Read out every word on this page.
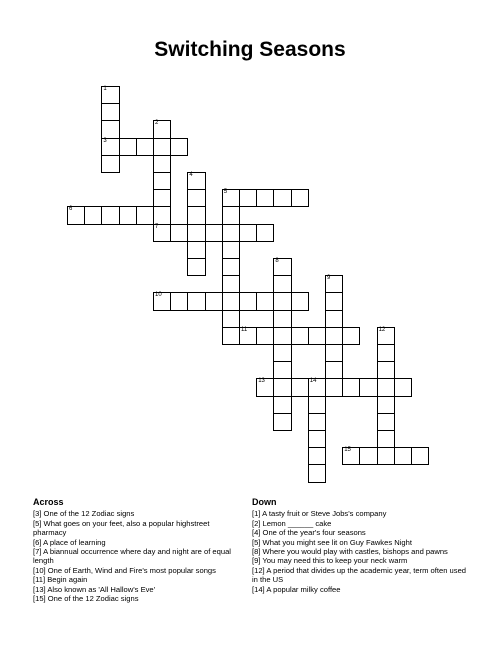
Switching Seasons
1
3
2
4
5
6
7
8
9
10
11	12
13	14
15
Across
[3] One of the 12 Zodiac signs
[5] What goes on your feet, also a popular highstreet pharmacy
[6] A place of learning
[7] A biannual occurrence where day and night are of equal length
[10] One of Earth, Wind and Fire's most popular songs
[11] Begin again
[13] Also known as 'All Hallow's Eve'
[15] One of the 12 Zodiac signs
Down
[1] A tasty fruit or Steve Jobs's company
[2] Lemon ______ cake
[4] One of the year's four seasons
[5] What you might see lit on Guy Fawkes Night
[8] Where you would play with castles, bishops and pawns
[9] You may need this to keep your neck warm
[12] A period that divides up the academic year, term often used in the US
[14] A popular milky coffee
